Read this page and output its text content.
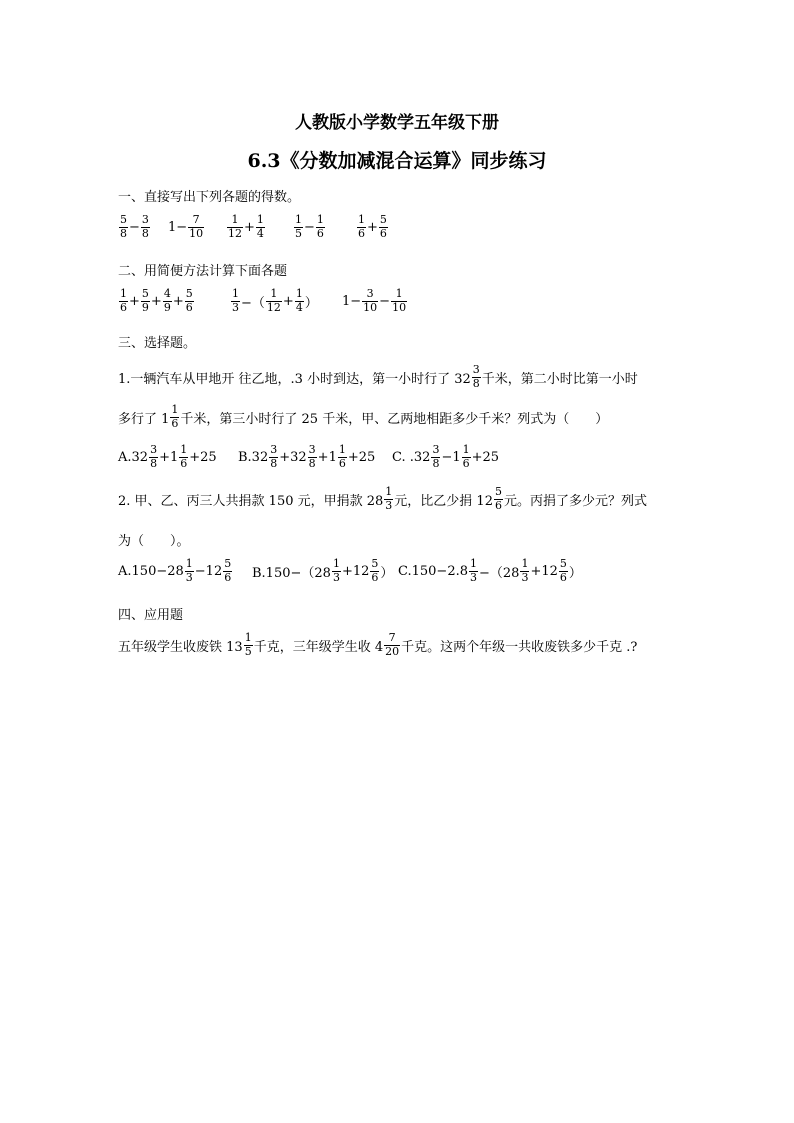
人教版小学数学五年级下册
6.3《分数加减混合运算》同步练习
一、直接写出下列各题的得数。
$\frac{5}{8} - \frac{3}{8} 1- \frac{7}{10} \frac{1}{12} + \frac{1}{4}$	$\frac{1}{5} - \frac{1}{6}$	$\frac{1}{6} + \frac{5}{6}$
二、用简便方法计算下面各题
$\frac{1}{6} + \frac{5}{9} + \frac{4}{9} + \frac{5}{6}$	$\frac{1}{3}$ −（ $\frac{1}{12} + \frac{1}{4}$ ） $1- \frac{3}{10} - \frac{1}{10}$
三、选择题。
1.一辆汽车从甲地开 往乙地，.3 小时到达，第一小时行了 $32 \frac{3}{8}$ 千米，第二小时比第一小时
多行了 $1 \frac{1}{6}$ 千米，第三小时行了 25 千米，甲、乙两地相距多少千米？列式为（　　）
$A.32 \frac{3}{8} +1 \frac{1}{6} +25$ $B.32 \frac{3}{8} +32 \frac{3}{8} +1 \frac{1}{6} +25$ C. $.32 \frac{3}{8} -1 \frac{1}{6} +25$
2. 甲、乙、丙三人共捐款 150 元，甲捐款 $28 \frac{1}{3}$ 元，比乙少捐 $12 \frac{5}{6}$ 元。丙捐了多少元？列式
为（　　）。
$A.150-28 \frac{1}{3} -12 \frac{5}{6} B.150-(28 \frac{1}{3} +12 \frac{5}{6}$ ） $C.150-2.8 \frac{1}{3} -(28 \frac{1}{3} +12 \frac{5}{6}$ ）
四、应用题
五年级学生收废铁 $13 \frac{1}{5}$ 千克，三年级学生收 $4 \frac{7}{20}$ 千克。这两个年级一共收废铁多少千克 .?
